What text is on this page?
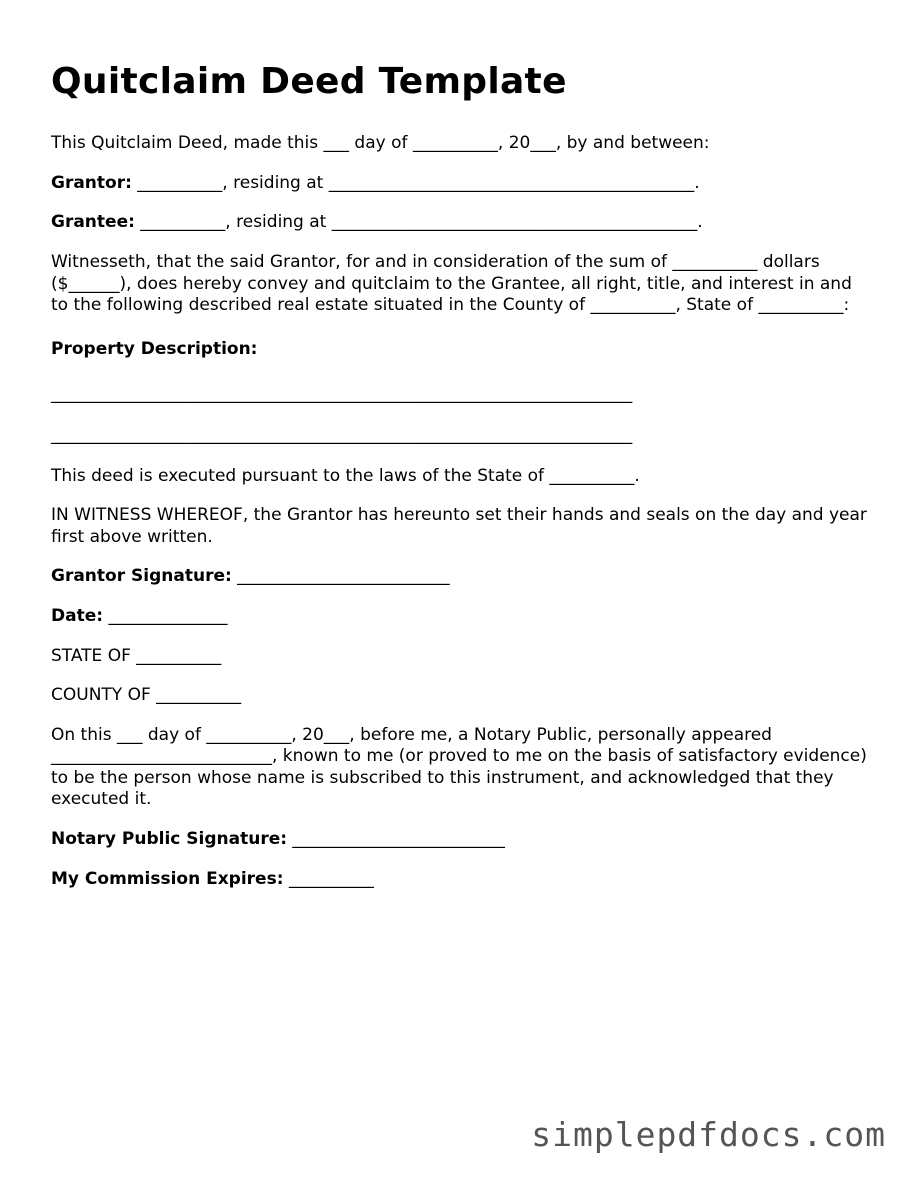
Quitclaim Deed Template

This Quitclaim Deed, made this ___ day of __________, 20___, by and between:

Grantor: __________, residing at ___________________________________________.

Grantee: __________, residing at ___________________________________________.

Witnesseth, that the said Grantor, for and in consideration of the sum of __________ dollars ($______), does hereby convey and quitclaim to the Grantee, all right, title, and interest in and to the following described real estate situated in the County of __________, State of __________:

Property Description:

______________________________________________________________________

______________________________________________________________________

This deed is executed pursuant to the laws of the State of __________.

IN WITNESS WHEREOF, the Grantor has hereunto set their hands and seals on the day and year first above written.

Grantor Signature: _________________________

Date: ______________

STATE OF __________

COUNTY OF __________

On this ___ day of __________, 20___, before me, a Notary Public, personally appeared __________________________, known to me (or proved to me on the basis of satisfactory evidence) to be the person whose name is subscribed to this instrument, and acknowledged that they executed it.

Notary Public Signature: _________________________

My Commission Expires: __________

simplepdfdocs.com
